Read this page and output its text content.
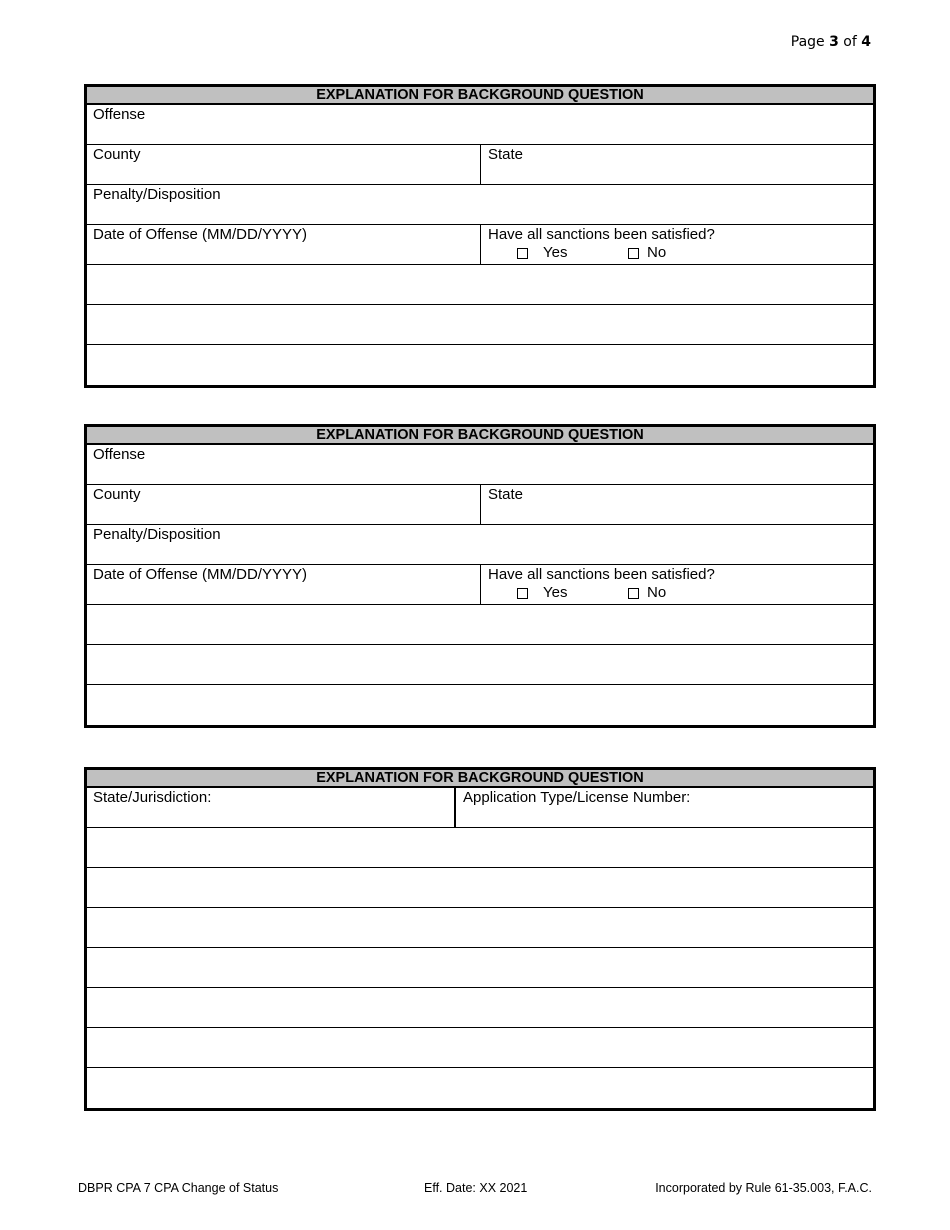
Page 3 of 4
EXPLANATION FOR BACKGROUND QUESTION
Offense
County	State
Penalty/Disposition
Date of Offense (MM/DD/YYYY)	Have all sanctions been satisfied?
Yes	No
EXPLANATION FOR BACKGROUND QUESTION
Offense
County	State
Penalty/Disposition
Date of Offense (MM/DD/YYYY)	Have all sanctions been satisfied?
Yes	No
EXPLANATION FOR BACKGROUND QUESTION
State/Jurisdiction:	Application Type/License Number:
DBPR CPA 7 CPA Change of Status	Eff. Date: XX 2021	Incorporated by Rule 61-35.003, F.A.C.
